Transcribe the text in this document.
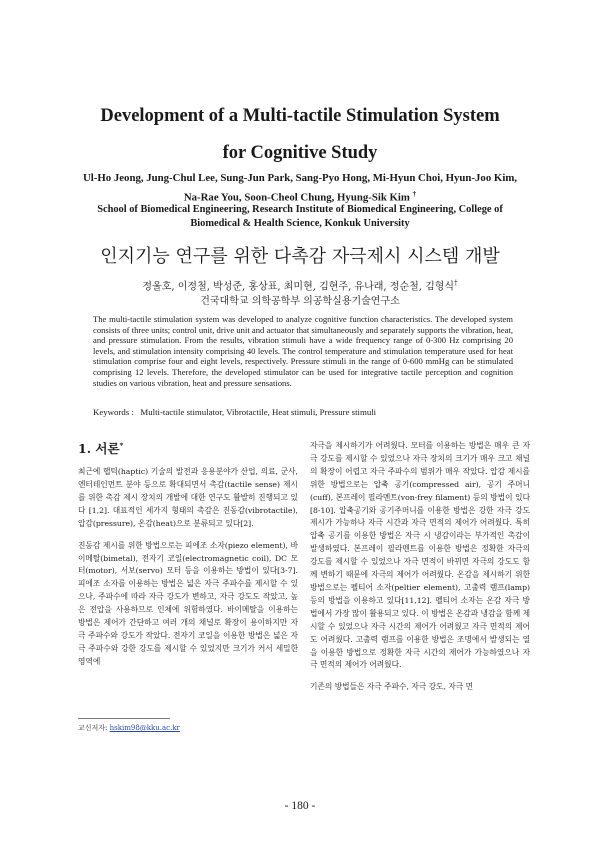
Development of a Multi-tactile Stimulation System
for Cognitive Study
Ul-Ho Jeong, Jung-Chul Lee, Sung-Jun Park, Sang-Pyo Hong, Mi-Hyun Choi, Hyun-Joo Kim,
Na-Rae You, Soon-Cheol Chung, Hyung-Sik Kim †
School of Biomedical Engineering, Research Institute of Biomedical Engineering, College of
Biomedical & Health Science, Konkuk University
인지기능 연구를 위한 다촉감 자극제시 시스템 개발
정울호, 이정철, 박성준, 홍상표, 최미현, 김현주, 유나래, 정순철, 김형식†
건국대학교 의학공학부 의공학실용기술연구소
The multi-tactile stimulation system was developed to analyze cognitive function characteristics. The developed system consists of three units; control unit, drive unit and actuator that simultaneously and separately supports the vibration, heat, and pressure stimulation. From the results, vibration stimuli have a wide frequency range of 0-300 Hz comprising 20 levels, and stimulation intensity comprising 40 levels. The control temperature and stimulation temperature used for heat stimulation comprise four and eight levels, respectively. Pressure stimuli in the range of 0-600 mmHg can be stimulated comprising 12 levels. Therefore, the developed stimulator can be used for integrative tactile perception and cognition studies on various vibration, heat and pressure sensations.
Keywords : Multi-tactile stimulator, Vibrotactile, Heat stimuli, Pressure stimuli
1. 서론*

최근에 햅틱(haptic) 기술의 발전과 응용분야가 산업, 의료, 군사, 엔터테인먼트 분야 등으로 확대되면서 촉감(tactile sense) 제시를 위한 촉감 제시 장치의 개발에 대한 연구도 활발히 진행되고 있다 [1,2]. 대표적인 세가지 형태의 촉감은 진동감(vibrotactile), 압감(pressure), 온감(heat)으로 분류되고 있다[2].

진동감 제시를 위한 방법으로는 피에조 소자(piezo element), 바이메탈(bimetal), 전자기 코일(electromagnetic coil), DC 모터(motor), 서보(servo) 모터 등을 이용하는 방법이 있다[3-7]. 피에조 소자를 이용하는 방법은 넓은 자극 주파수를 제시할 수 있으나, 주파수에 따라 자극 강도가 변하고, 자극 강도도 작았고, 높은 전압을 사용하므로 인체에 위험하였다. 바이메탈을 이용하는 방법은 제어가 간단하고 여러 개의 채널로 확장이 용이하지만 자극 주파수와 강도가 작았다. 전자기 코일을 이용한 방법은 넓은 자극 주파수와 강한 강도를 제시할 수 있었지만 크기가 커서 세밀한 영역에

자극을 제시하기가 어려웠다. 모터를 이용하는 방법은 매우 큰 자극 강도를 제시할 수 있었으나 자극 장치의 크기가 매우 크고 채널의 확장이 어렵고 자극 주파수의 범위가 매우 작았다. 압감 제시를 위한 방법으로는 압축 공기(compressed air), 공기 주머니(cuff), 본프레이 필라멘트(von-frey filament) 등의 방법이 있다[8-10]. 압축공기와 공기주머니를 이용한 방법은 강한 자극 강도 제시가 가능하나 자극 시간과 자극 면적의 제어가 어려웠다. 특히 압축 공기를 이용한 방법은 자극 시 냉감이라는 부가적인 촉감이 발생하였다. 본프레이 필라멘트를 이용한 방법은 정확한 자극의 강도를 제시할 수 있었으나 자극 면적이 바뀌면 자극의 강도도 함께 변하기 때문에 자극의 제어가 어려웠다. 온감을 제시하기 위한 방법으로는 펠티어 소자(peltier element), 고출력 램프(lamp) 등의 방법을 이용하고 있다[11,12]. 펠티어 소자는 온감 자극 방법에서 가장 많이 활용되고 있다. 이 방법은 온감과 냉감을 함께 제시할 수 있었으나 자극 시간의 제어가 어려웠고 자극 면적의 제어도 어려웠다. 고출력 램프를 이용한 방법은 조명에서 발생되는 열을 이용한 방법으로 정확한 자극 시간의 제어가 가능하였으나 자극 면적의 제어가 어려웠다.

기존의 방법들은 자극 주파수, 자극 강도, 자극 면

교신저자: hskim98@kku.ac.kr
- 180 -
